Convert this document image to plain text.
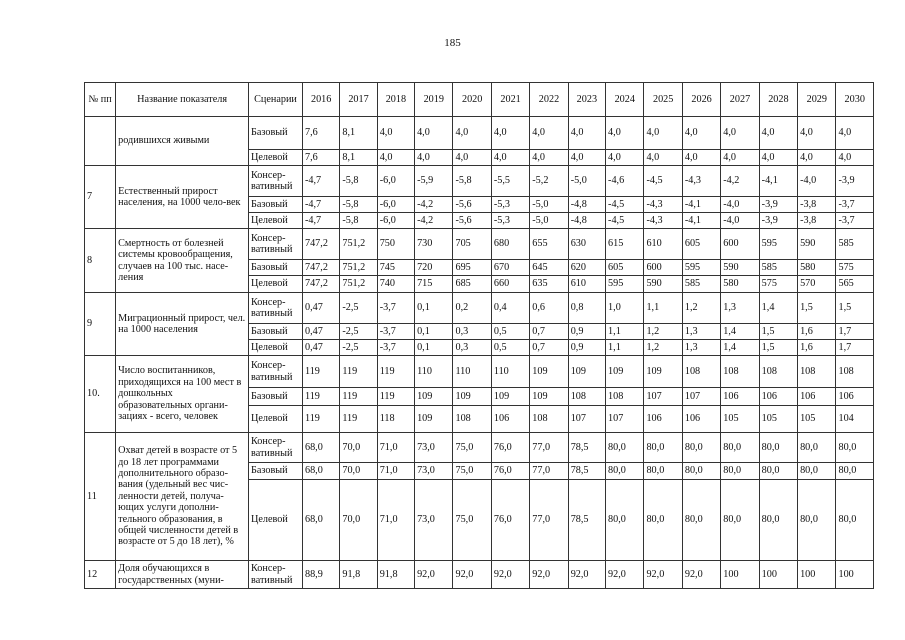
185
№ пп	Название показателя	Сценарии	2016	2017	2018	2019	2020	2021	2022	2023	2024	2025	2026	2027	2028	2029	2030
	родившихся живыми	Базовый	7,6	8,1	4,0	4,0	4,0	4,0	4,0	4,0	4,0	4,0	4,0	4,0	4,0	4,0	4,0
		Целевой	7,6	8,1	4,0	4,0	4,0	4,0	4,0	4,0	4,0	4,0	4,0	4,0	4,0	4,0	4,0
7	Естественный прирост населения, на 1000 чело-век	Консер-вативный	-4,7	-5,8	-6,0	-5,9	-5,8	-5,5	-5,2	-5,0	-4,6	-4,5	-4,3	-4,2	-4,1	-4,0	-3,9
		Базовый	-4,7	-5,8	-6,0	-4,2	-5,6	-5,3	-5,0	-4,8	-4,5	-4,3	-4,1	-4,0	-3,9	-3,8	-3,7
		Целевой	-4,7	-5,8	-6,0	-4,2	-5,6	-5,3	-5,0	-4,8	-4,5	-4,3	-4,1	-4,0	-3,9	-3,8	-3,7
8	Смертность от болезней системы кровообращения, случаев на 100 тыс. насе-ления	Консер-вативный	747,2	751,2	750	730	705	680	655	630	615	610	605	600	595	590	585
		Базовый	747,2	751,2	745	720	695	670	645	620	605	600	595	590	585	580	575
		Целевой	747,2	751,2	740	715	685	660	635	610	595	590	585	580	575	570	565
9	Миграционный прирост, чел. на 1000 населения	Консер-вативный	0,47	-2,5	-3,7	0,1	0,2	0,4	0,6	0,8	1,0	1,1	1,2	1,3	1,4	1,5	1,5
		Базовый	0,47	-2,5	-3,7	0,1	0,3	0,5	0,7	0,9	1,1	1,2	1,3	1,4	1,5	1,6	1,7
		Целевой	0,47	-2,5	-3,7	0,1	0,3	0,5	0,7	0,9	1,1	1,2	1,3	1,4	1,5	1,6	1,7
10.	Число воспитанников, приходящихся на 100 мест в дошкольных образовательных органи-зациях - всего, человек	Консер-вативный	119	119	119	110	110	110	109	109	109	109	108	108	108	108	108
		Базовый	119	119	119	109	109	109	109	108	108	107	107	106	106	106	106
		Целевой	119	119	118	109	108	106	108	107	107	106	106	105	105	105	104
11	Охват детей в возрасте от 5 до 18 лет программами дополнительного образо-вания (удельный вес чис-ленности детей, получа-ющих услуги дополни-тельного образования, в общей численности детей в возрасте от 5 до 18 лет), %	Консер-вативный	68,0	70,0	71,0	73,0	75,0	76,0	77,0	78,5	80,0	80,0	80,0	80,0	80,0	80,0	80,0
		Базовый	68,0	70,0	71,0	73,0	75,0	76,0	77,0	78,5	80,0	80,0	80,0	80,0	80,0	80,0	80,0
		Целевой	68,0	70,0	71,0	73,0	75,0	76,0	77,0	78,5	80,0	80,0	80,0	80,0	80,0	80,0	80,0
12	Доля обучающихся в государственных (муни-	Консер-вативный	88,9	91,8	91,8	92,0	92,0	92,0	92,0	92,0	92,0	92,0	92,0	100	100	100	100
